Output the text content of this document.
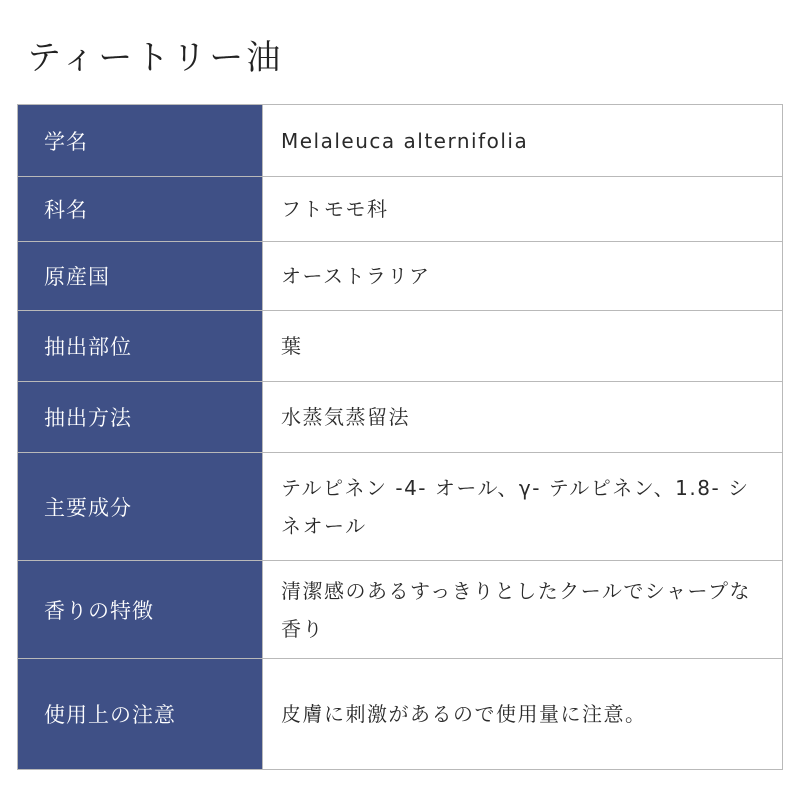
ティートリー油
学名	Melaleuca alternifolia
科名	フトモモ科
原産国	オーストラリア
抽出部位	葉
抽出方法	水蒸気蒸留法
主要成分	テルピネン -4- オール、γ- テルピネン、1.8- シネオール
香りの特徴	清潔感のあるすっきりとしたクールでシャープな香り
使用上の注意	皮膚に刺激があるので使用量に注意。
